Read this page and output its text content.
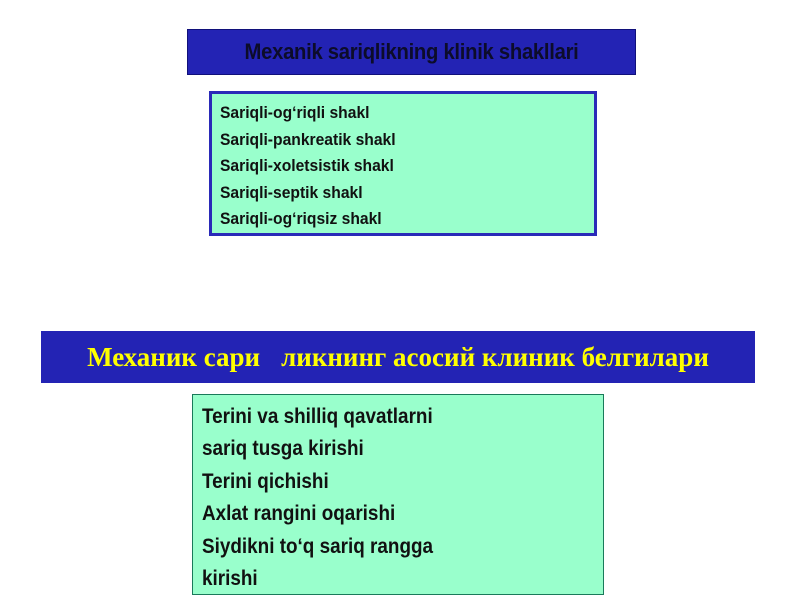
Mexanik sariqlikning klinik shakllari
Sariqli-og‘riqli shakl
Sariqli-pankreatik shakl
Sariqli-xoletsistik shakl
Sariqli-septik shakl
Sariqli-og‘riqsiz shakl
Механик сари ликнинг асосий клиник белгилари
Terini va shilliq qavatlarni
sariq tusga kirishi
Terini qichishi
Axlat rangini oqarishi
Siydikni to‘q sariq rangga
kirishi
